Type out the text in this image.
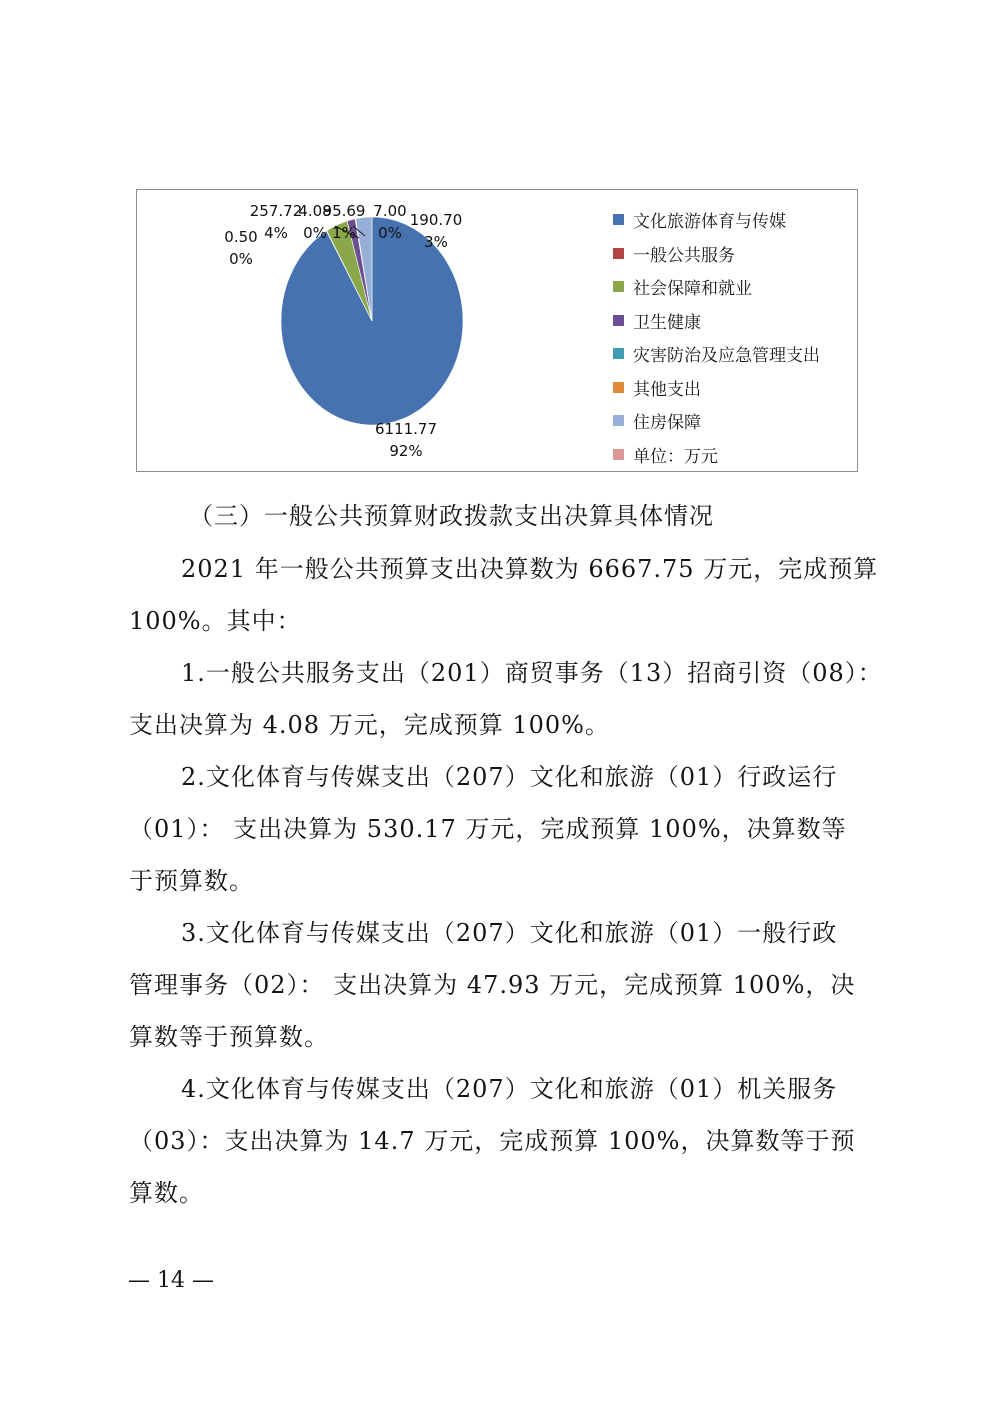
190.70
3%
7.00
0%
95.69
1%
4.08
0%
257.72
4%
0.50
0%
6111.77
92%
文化旅游体育与传媒
一般公共服务
社会保障和就业
卫生健康
灾害防治及应急管理支出
其他支出
住房保障
单位：万元
（三）一般公共预算财政拨款支出决算具体情况
2021 年一般公共预算支出决算数为 6667.75 万元，完成预算
100%。其中：
1.一般公共服务支出（201）商贸事务（13）招商引资（08）：
支出决算为 4.08 万元，完成预算 100%。
2.文化体育与传媒支出（207）文化和旅游（01）行政运行
（01）： 支出决算为 530.17 万元，完成预算 100%，决算数等
于预算数。
3.文化体育与传媒支出（207）文化和旅游（01）一般行政
管理事务（02）： 支出决算为 47.93 万元，完成预算 100%，决
算数等于预算数。
4.文化体育与传媒支出（207）文化和旅游（01）机关服务
（03）：支出决算为 14.7 万元，完成预算 100%，决算数等于预
算数。
— 14 —
